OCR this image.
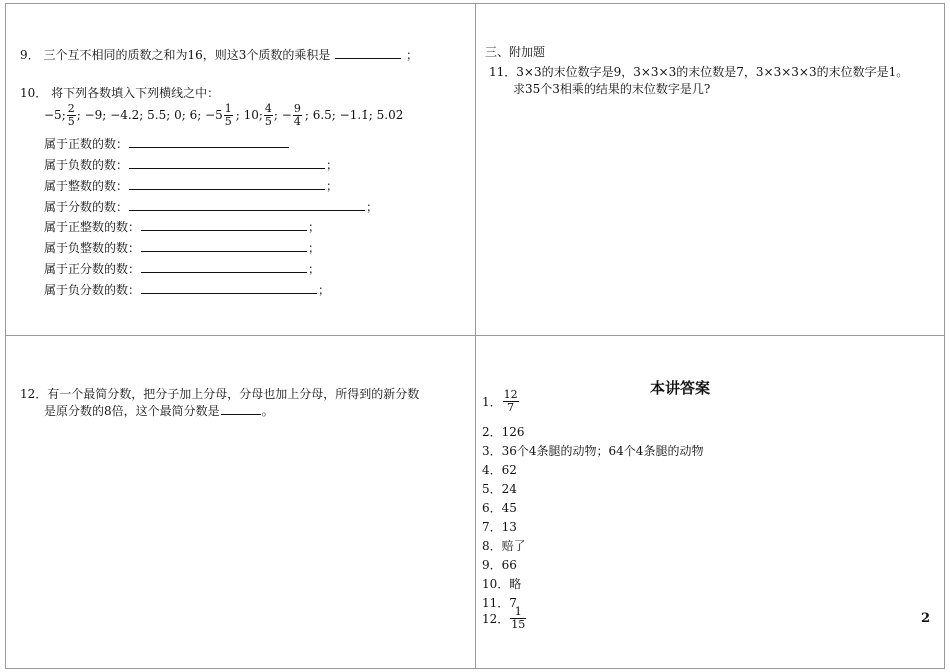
9． 三个互不相同的质数之和为16，则这3个质数的乘积是	；
10． 将下列各数填入下列横线之中：
−5; $\frac{2}{5}$ ; −9; −4.2; 5.5; 0; 6; $-5 \frac{1}{5}$ ; 10; $\frac{4}{5}$ ; − $\frac{9}{4}$ ; 6.5; −1.1̇; 5.0 2̇
属于正数的数：
属于负数的数：	；
属于整数的数：	；
属于分数的数：	；
属于正整数的数：	；
属于负整数的数：	；
属于正分数的数：	；
属于负分数的数：	；
三、附加题
11．3×3的末位数字是9，3×3×3的末位数是7，3×3×3×3的末位数字是1。
求35个3相乘的结果的末位数字是几?
12．有一个最简分数，把分子加上分母，分母也加上分母，所得到的新分数
是原分数的8倍，这个最简分数是	。
本讲答案
1． $\frac{12}{7}$
2．126
3．36个4条腿的动物；64个4条腿的动物
4．62
5．24
6．45
7．13
8．赔了
9．66
10．略
11．7
12． $\frac{1}{15}$	2
